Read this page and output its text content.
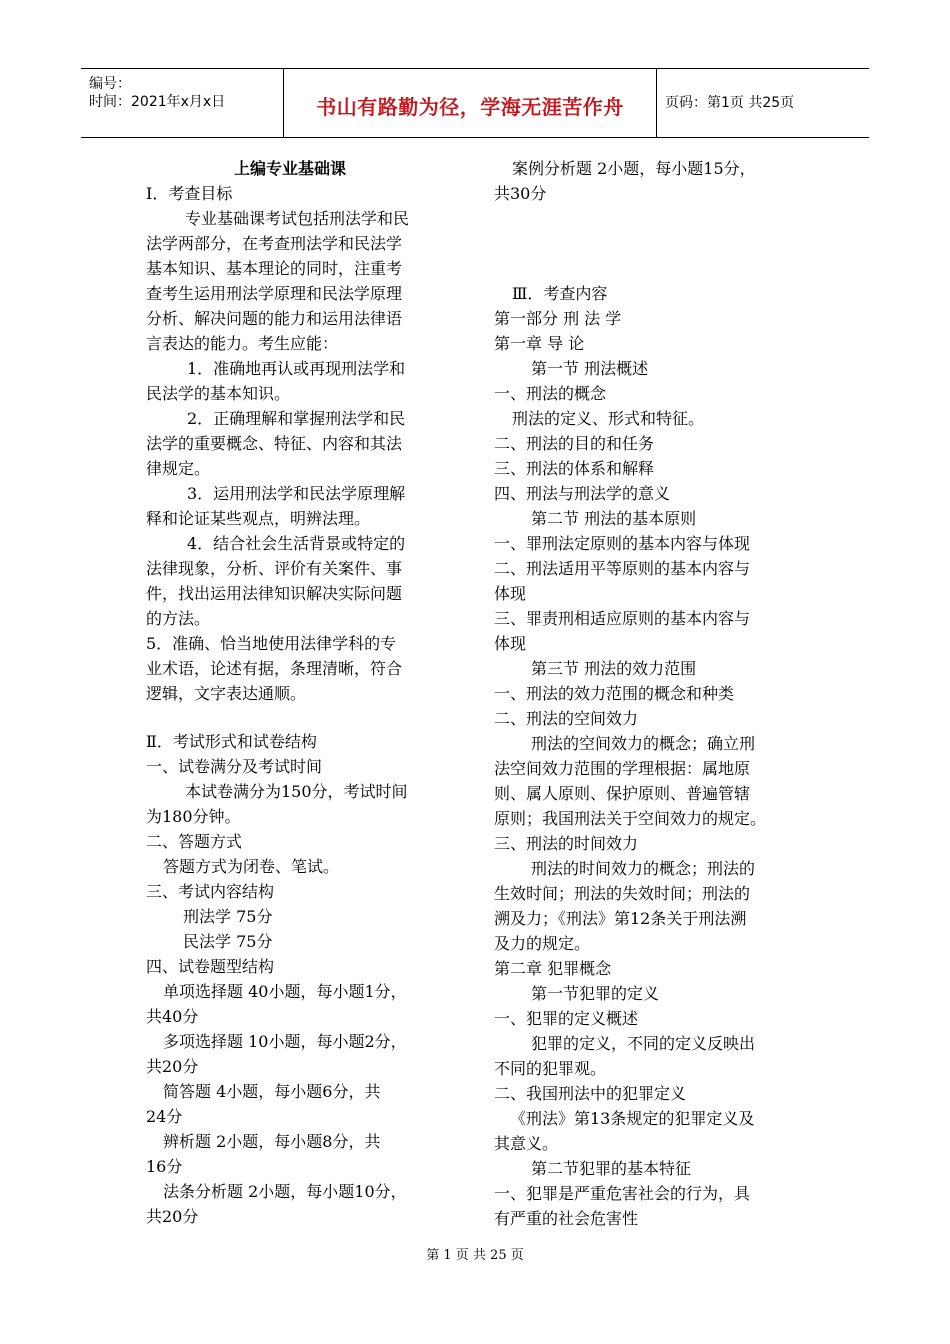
编号：
时间：2021年x月x日	书山有路勤为径，学海无涯苦作舟	页码：第1页 共25页
上编专业基础课
Ⅰ．考查目标
专业基础课考试包括刑法学和民
法学两部分，在考查刑法学和民法学
基本知识、基本理论的同时，注重考
查考生运用刑法学原理和民法学原理
分析、解决问题的能力和运用法律语
言表达的能力。考生应能：
1．准确地再认或再现刑法学和
民法学的基本知识。
2．正确理解和掌握刑法学和民
法学的重要概念、特征、内容和其法
律规定。
3．运用刑法学和民法学原理解
释和论证某些观点，明辨法理。
4．结合社会生活背景或特定的
法律现象，分析、评价有关案件、事
件，找出运用法律知识解决实际问题
的方法。
5．准确、恰当地使用法律学科的专
业术语，论述有据，条理清晰，符合
逻辑，文字表达通顺。
Ⅱ．考试形式和试卷结构
一、试卷满分及考试时间
本试卷满分为150分，考试时间
为180分钟。
二、答题方式
答题方式为闭卷、笔试。
三、考试内容结构
刑法学 75分
民法学 75分
四、试卷题型结构
单项选择题 40小题，每小题1分，
共40分
多项选择题 10小题，每小题2分，
共20分
简答题 4小题，每小题6分，共
24分
辨析题 2小题，每小题8分，共
16分
法条分析题 2小题，每小题10分，
共20分
案例分析题 2小题，每小题15分，
共30分
Ⅲ．考查内容
第一部分 刑 法 学
第一章 导 论
第一节 刑法概述
一、刑法的概念
刑法的定义、形式和特征。
二、刑法的目的和任务
三、刑法的体系和解释
四、刑法与刑法学的意义
第二节 刑法的基本原则
一、罪刑法定原则的基本内容与体现
二、刑法适用平等原则的基本内容与
体现
三、罪责刑相适应原则的基本内容与
体现
第三节 刑法的效力范围
一、刑法的效力范围的概念和种类
二、刑法的空间效力
刑法的空间效力的概念；确立刑
法空间效力范围的学理根据：属地原
则、属人原则、保护原则、普遍管辖
原则；我国刑法关于空间效力的规定。
三、刑法的时间效力
刑法的时间效力的概念；刑法的
生效时间；刑法的失效时间；刑法的
溯及力；《刑法》第12条关于刑法溯
及力的规定。
第二章 犯罪概念
第一节犯罪的定义
一、犯罪的定义概述
犯罪的定义，不同的定义反映出
不同的犯罪观。
二、我国刑法中的犯罪定义
《刑法》第13条规定的犯罪定义及
其意义。
第二节犯罪的基本特征
一、犯罪是严重危害社会的行为，具
有严重的社会危害性
第 1 页 共 25 页
